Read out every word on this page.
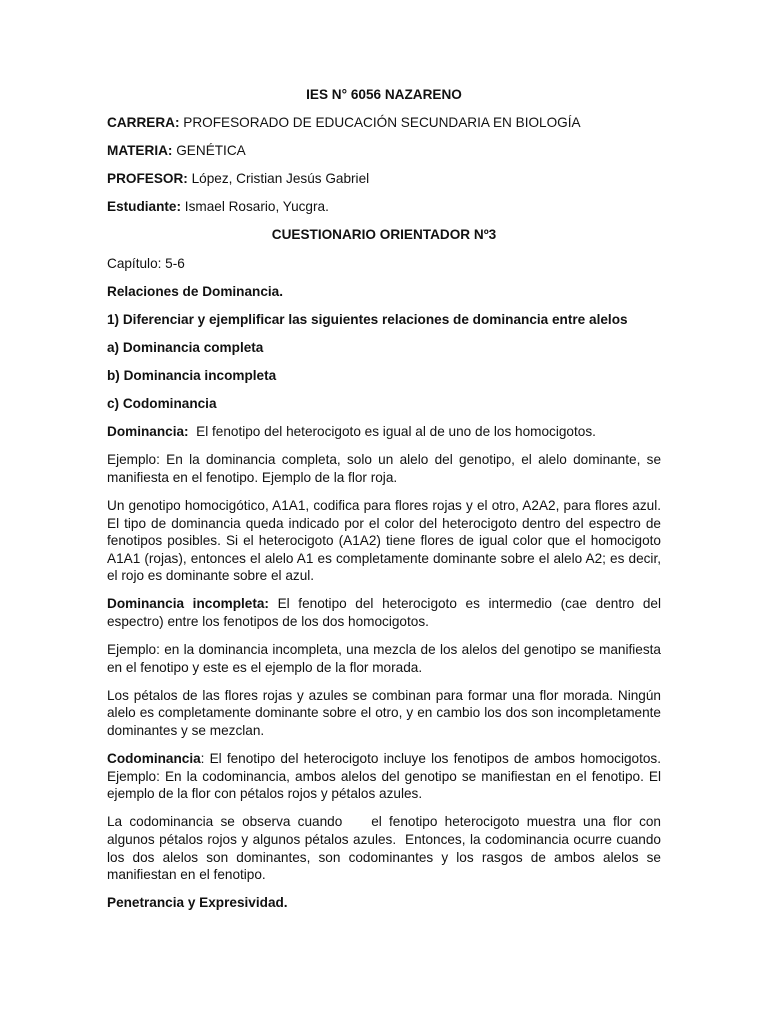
IES N° 6056 NAZARENO
CARRERA: PROFESORADO DE EDUCACIÓN SECUNDARIA EN BIOLOGÍA
MATERIA: GENÉTICA
PROFESOR: López, Cristian Jesús Gabriel
Estudiante: Ismael Rosario, Yucgra.
CUESTIONARIO ORIENTADOR Nº3
Capítulo: 5-6
Relaciones de Dominancia.
1) Diferenciar y ejemplificar las siguientes relaciones de dominancia entre alelos
a) Dominancia completa
b) Dominancia incompleta
c) Codominancia
Dominancia:  El fenotipo del heterocigoto es igual al de uno de los homocigotos.
Ejemplo: En la dominancia completa, solo un alelo del genotipo, el alelo dominante, se manifiesta en el fenotipo. Ejemplo de la flor roja.
Un genotipo homocigótico, A1A1, codifica para flores rojas y el otro, A2A2, para flores azul. El tipo de dominancia queda indicado por el color del heterocigoto dentro del espectro de fenotipos posibles. Si el heterocigoto (A1A2) tiene flores de igual color que el homocigoto A1A1 (rojas), entonces el alelo A1 es completamente dominante sobre el alelo A2; es decir, el rojo es dominante sobre el azul.
Dominancia incompleta: El fenotipo del heterocigoto es intermedio (cae dentro del espectro) entre los fenotipos de los dos homocigotos.
Ejemplo: en la dominancia incompleta, una mezcla de los alelos del genotipo se manifiesta en el fenotipo y este es el ejemplo de la flor morada.
Los pétalos de las flores rojas y azules se combinan para formar una flor morada. Ningún alelo es completamente dominante sobre el otro, y en cambio los dos son incompletamente dominantes y se mezclan.
Codominancia: El fenotipo del heterocigoto incluye los fenotipos de ambos homocigotos. Ejemplo: En la codominancia, ambos alelos del genotipo se manifiestan en el fenotipo. El ejemplo de la flor con pétalos rojos y pétalos azules.
La codominancia se observa cuando    el fenotipo heterocigoto muestra una flor con algunos pétalos rojos y algunos pétalos azules.  Entonces, la codominancia ocurre cuando los dos alelos son dominantes, son codominantes y los rasgos de ambos alelos se manifiestan en el fenotipo.
Penetrancia y Expresividad.
